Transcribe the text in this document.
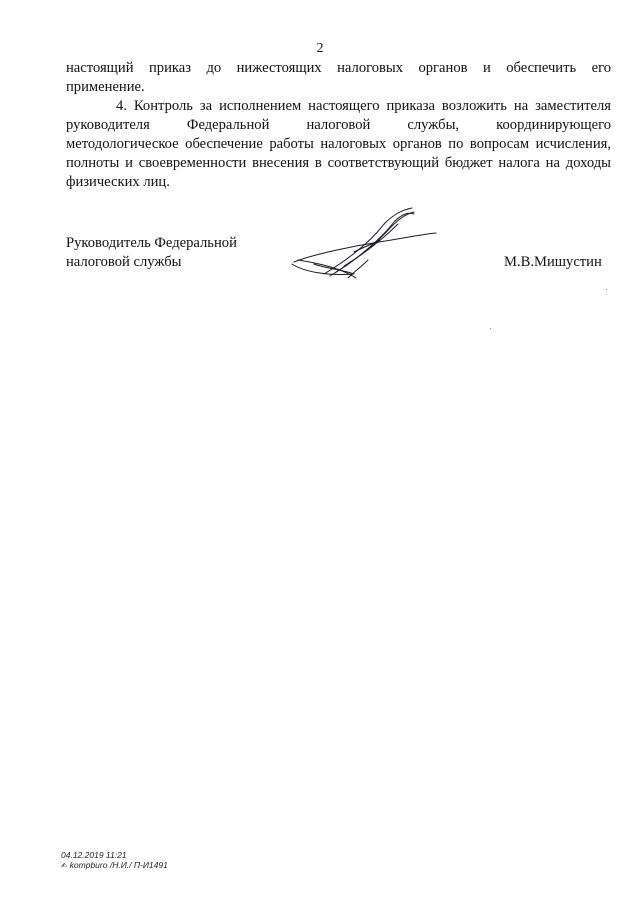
2

настоящий приказ до нижестоящих налоговых органов и обеспечить его
применение.

4. Контроль за исполнением настоящего приказа возложить на заместителя
руководителя Федеральной налоговой службы, координирующего
методологическое обеспечение работы налоговых органов по вопросам исчисления,
полноты и своевременности внесения в соответствующий бюджет налога на доходы
физических лиц.

Руководитель Федеральной
налоговой службы	М.В.Мишустин
04.12.2019 11:21
✍ kompburo /Н.И./ П-И1491
